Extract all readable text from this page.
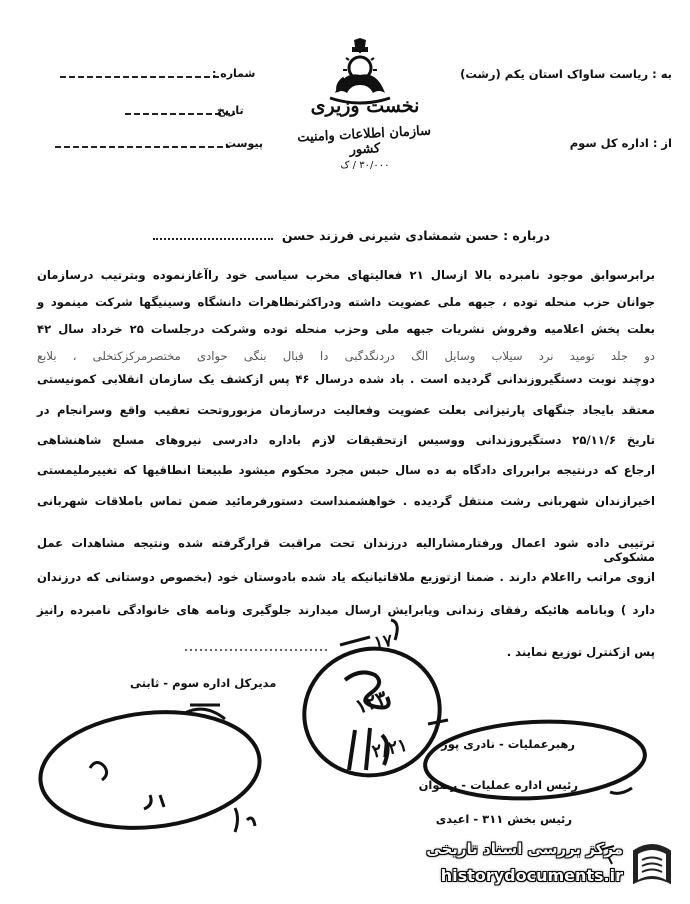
شماره :
تاریخ
پیوست
به : ریاست ساواک استان یکم (رشت)
از : اداره کل سوم
نخست وزیری
سازمان اطلاعات وامنیت کشور
۳۰/۰۰۰ / ک
درباره : حسن شمشادی شیرنی فرزند حسن
برابرسوابق موجود نامبرده بالا ازسال ۲۱ فعالیتهای مخرب سیاسی خود راآغازنموده وبترتیب درسازمان
جوانان حزب منحله توده ، جبهه ملی عضویت داشته ودراکثرتظاهرات دانشگاه وسینیگها شرکت مینمود و
بعلت پخش اعلامیه وفروش نشریات جبهه ملی وحزب منحله توده وشرکت درجلسات ۲۵ خرداد سال ۴۲
دو جلد تومید نرد سیلاب وسایل الگ دردنگدگبی دا قبال بنگی حوادی مختصرمرکزکتخلی ، بلابع
دوچند نوبت دستگیروزندانی گردیده است . باد شده درسال ۴۶ پس ازکشف یک سازمان انقلابی کمونیستی
معتقد بایجاد جنگهای پارتیزانی بعلت عضویت وفعالیت درسازمان مزبوروتحت تعقیب واقع وسرانجام در
تاریخ ۲۵/۱۱/۶ دستگیروزندانی ووسیس ازتحقیقات لازم باداره دادرسی نیروهای مسلح شاهنشاهی
ارجاع که درنتیجه برابررای دادگاه به ده سال حبس مجرد محکوم میشود طبیعتا انطاقیها که تغییرملیمستی
اخیرازندان شهربانی رشت منتقل گردیده . خواهشمنداست دستورفرمائید ضمن تماس باملاقات شهربانی
ترتیبی داده شود اعمال ورفتارمشارالیه درزندان تحت مراقبت قرارگرفته شده ونتیجه مشاهدات عمل مشکوکی
ازوی مراتب رااعلام دارند . ضمنا ازتوزیع ملاقاتیانیکه یاد شده بادوستان خود (بخصوص دوستانی که درزندان
دارد ) وبانامه هائیکه رفقای زندانی ویابرایش ارسال میدارند جلوگیری ونامه های خانوادگی نامبرده رانیز
پس ازکنترل توزیع نمایند .
۱۷
۱۲۳
۲/۲۱
مدیرکل اداره سوم - ثابتی
رهبرعملیات - نادری پور
رئیس اداره عملیات - رضوان
رئیس بخش ۳۱۱ - اعیدی
مرکز بررسی اسناد تاریخی
historydocuments.ir
